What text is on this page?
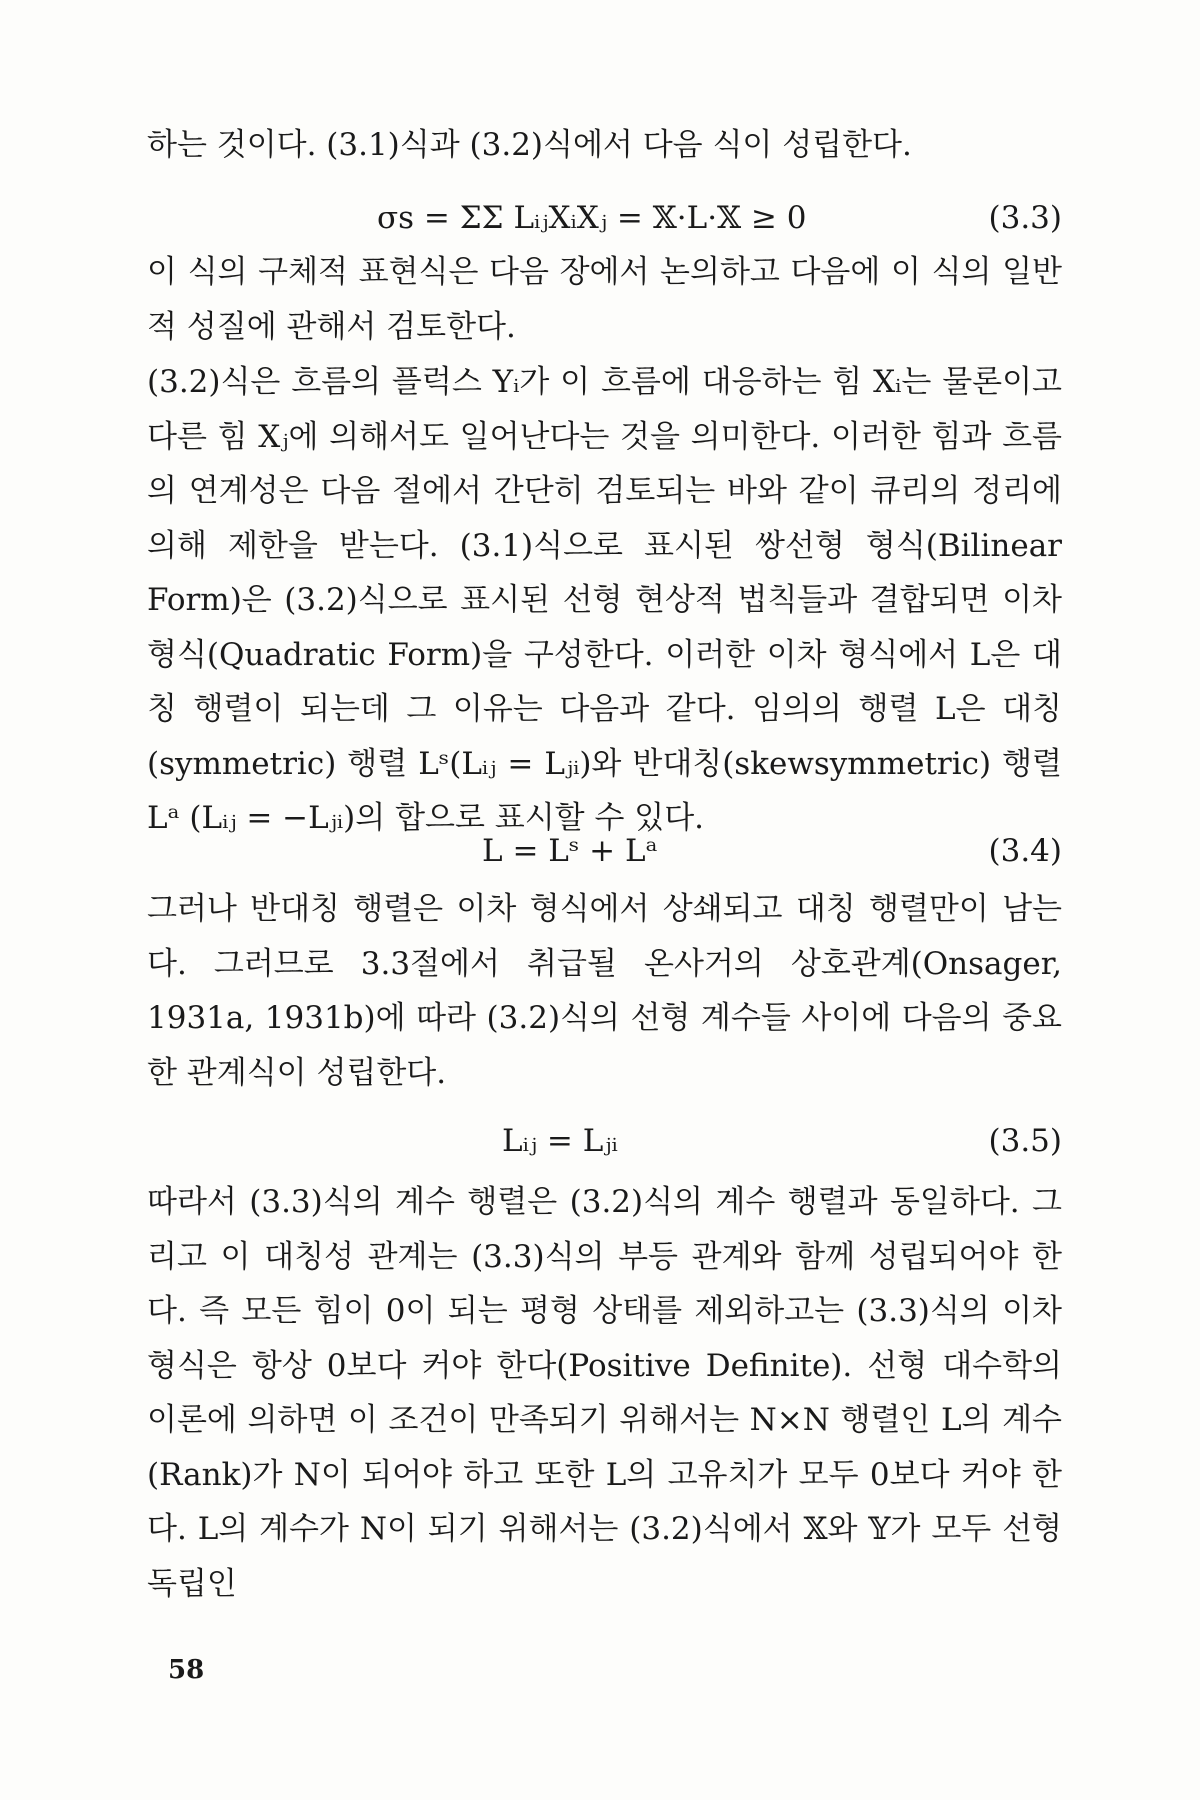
하는 것이다. (3.1)식과 (3.2)식에서 다음 식이 성립한다.

σs = ΣΣ LᵢⱼXᵢXⱼ = 𝕏·L·𝕏 ≥ 0	(3.3)

이 식의 구체적 표현식은 다음 장에서 논의하고 다음에 이 식의 일반적 성질에 관해서 검토한다.

(3.2)식은 흐름의 플럭스 Yᵢ가 이 흐름에 대응하는 힘 Xᵢ는 물론이고 다른 힘 Xⱼ에 의해서도 일어난다는 것을 의미한다. 이러한 힘과 흐름의 연계성은 다음 절에서 간단히 검토되는 바와 같이 큐리의 정리에 의해 제한을 받는다. (3.1)식으로 표시된 쌍선형 형식(Bilinear Form)은 (3.2)식으로 표시된 선형 현상적 법칙들과 결합되면 이차 형식(Quadratic Form)을 구성한다. 이러한 이차 형식에서 L은 대칭 행렬이 되는데 그 이유는 다음과 같다. 임의의 행렬 L은 대칭(symmetric) 행렬 Lˢ(Lᵢⱼ = Lⱼᵢ)와 반대칭(skewsymmetric) 행렬 Lᵃ (Lᵢⱼ = −Lⱼᵢ)의 합으로 표시할 수 있다.

L = Lˢ + Lᵃ	(3.4)

그러나 반대칭 행렬은 이차 형식에서 상쇄되고 대칭 행렬만이 남는다. 그러므로 3.3절에서 취급될 온사거의 상호관계(Onsager, 1931a, 1931b)에 따라 (3.2)식의 선형 계수들 사이에 다음의 중요한 관계식이 성립한다.

Lᵢⱼ = Lⱼᵢ	(3.5)

따라서 (3.3)식의 계수 행렬은 (3.2)식의 계수 행렬과 동일하다. 그리고 이 대칭성 관계는 (3.3)식의 부등 관계와 함께 성립되어야 한다. 즉 모든 힘이 0이 되는 평형 상태를 제외하고는 (3.3)식의 이차 형식은 항상 0보다 커야 한다(Positive Definite). 선형 대수학의 이론에 의하면 이 조건이 만족되기 위해서는 N×N 행렬인 L의 계수(Rank)가 N이 되어야 하고 또한 L의 고유치가 모두 0보다 커야 한다. L의 계수가 N이 되기 위해서는 (3.2)식에서 𝕏와 𝕐가 모두 선형 독립인

58
